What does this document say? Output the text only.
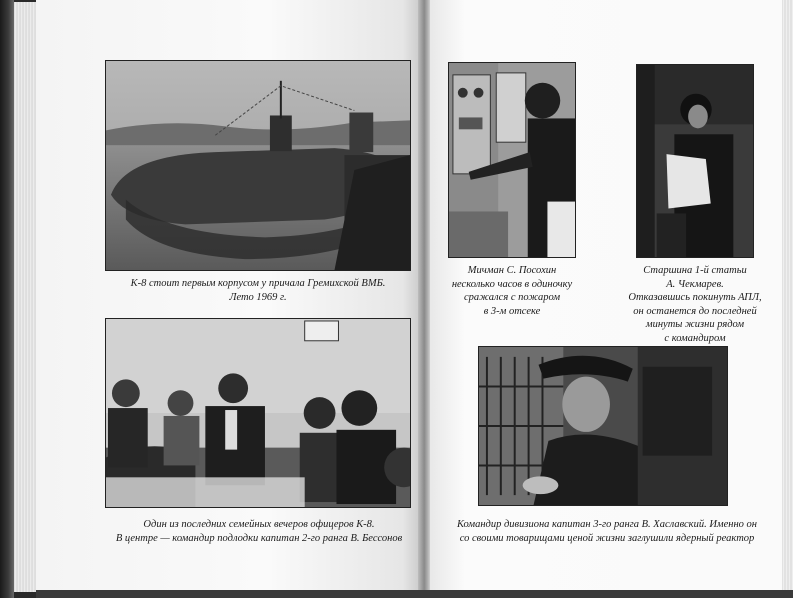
К-8 стоит первым корпусом у причала Гремихской ВМБ.
Лето 1969 г.
Один из последних семейных вечеров офицеров К-8.
В центре — командир подлодки капитан 2-го ранга В. Бессонов
Мичман С. Посохин
несколько часов в одиночку
сражался с пожаром
в 3-м отсеке
Старшина 1-й статьи
А. Чекмарев.
Отказавшись покинуть АПЛ,
он останется до последней
минуты жизни рядом
с командиром
Командир дивизиона капитан 3-го ранга В. Хаславский. Именно он
со своими товарищами ценой жизни заглушили ядерный реактор
